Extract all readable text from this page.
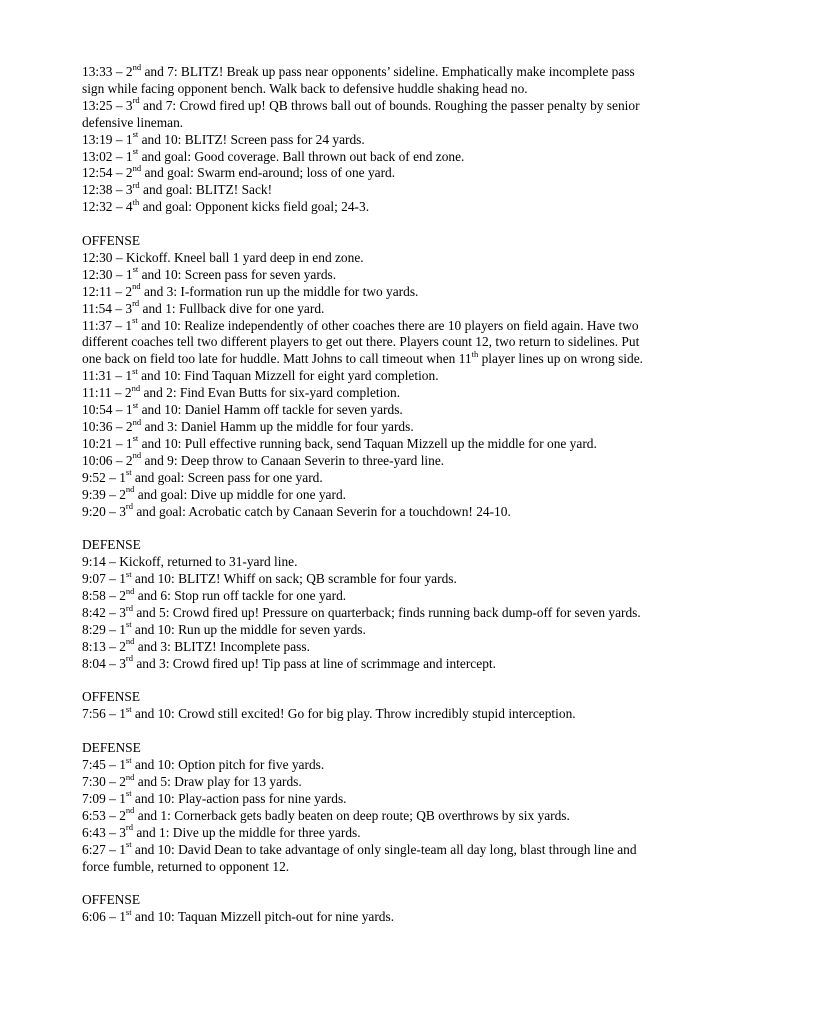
13:33 – 2nd and 7: BLITZ! Break up pass near opponents’ sideline. Emphatically make incomplete pass
sign while facing opponent bench. Walk back to defensive huddle shaking head no.
13:25 – 3rd and 7: Crowd fired up! QB throws ball out of bounds. Roughing the passer penalty by senior
defensive lineman.
13:19 – 1st and 10: BLITZ! Screen pass for 24 yards.
13:02 – 1st and goal: Good coverage. Ball thrown out back of end zone.
12:54 – 2nd and goal: Swarm end-around; loss of one yard.
12:38 – 3rd and goal: BLITZ! Sack!
12:32 – 4th and goal: Opponent kicks field goal; 24-3.
OFFENSE
12:30 – Kickoff. Kneel ball 1 yard deep in end zone.
12:30 – 1st and 10: Screen pass for seven yards.
12:11 – 2nd and 3: I-formation run up the middle for two yards.
11:54 – 3rd and 1: Fullback dive for one yard.
11:37 – 1st and 10: Realize independently of other coaches there are 10 players on field again. Have two
different coaches tell two different players to get out there. Players count 12, two return to sidelines. Put
one back on field too late for huddle. Matt Johns to call timeout when 11th player lines up on wrong side.
11:31 – 1st and 10: Find Taquan Mizzell for eight yard completion.
11:11 – 2nd and 2: Find Evan Butts for six-yard completion.
10:54 – 1st and 10: Daniel Hamm off tackle for seven yards.
10:36 – 2nd and 3: Daniel Hamm up the middle for four yards.
10:21 – 1st and 10: Pull effective running back, send Taquan Mizzell up the middle for one yard.
10:06 – 2nd and 9: Deep throw to Canaan Severin to three-yard line.
9:52 – 1st and goal: Screen pass for one yard.
9:39 – 2nd and goal: Dive up middle for one yard.
9:20 – 3rd and goal: Acrobatic catch by Canaan Severin for a touchdown! 24-10.
DEFENSE
9:14 – Kickoff, returned to 31-yard line.
9:07 – 1st and 10: BLITZ! Whiff on sack; QB scramble for four yards.
8:58 – 2nd and 6: Stop run off tackle for one yard.
8:42 – 3rd and 5: Crowd fired up! Pressure on quarterback; finds running back dump-off for seven yards.
8:29 – 1st and 10: Run up the middle for seven yards.
8:13 – 2nd and 3: BLITZ! Incomplete pass.
8:04 – 3rd and 3: Crowd fired up! Tip pass at line of scrimmage and intercept.
OFFENSE
7:56 – 1st and 10: Crowd still excited! Go for big play. Throw incredibly stupid interception.
DEFENSE
7:45 – 1st and 10: Option pitch for five yards.
7:30 – 2nd and 5: Draw play for 13 yards.
7:09 – 1st and 10: Play-action pass for nine yards.
6:53 – 2nd and 1: Cornerback gets badly beaten on deep route; QB overthrows by six yards.
6:43 – 3rd and 1: Dive up the middle for three yards.
6:27 – 1st and 10: David Dean to take advantage of only single-team all day long, blast through line and
force fumble, returned to opponent 12.
OFFENSE
6:06 – 1st and 10: Taquan Mizzell pitch-out for nine yards.
